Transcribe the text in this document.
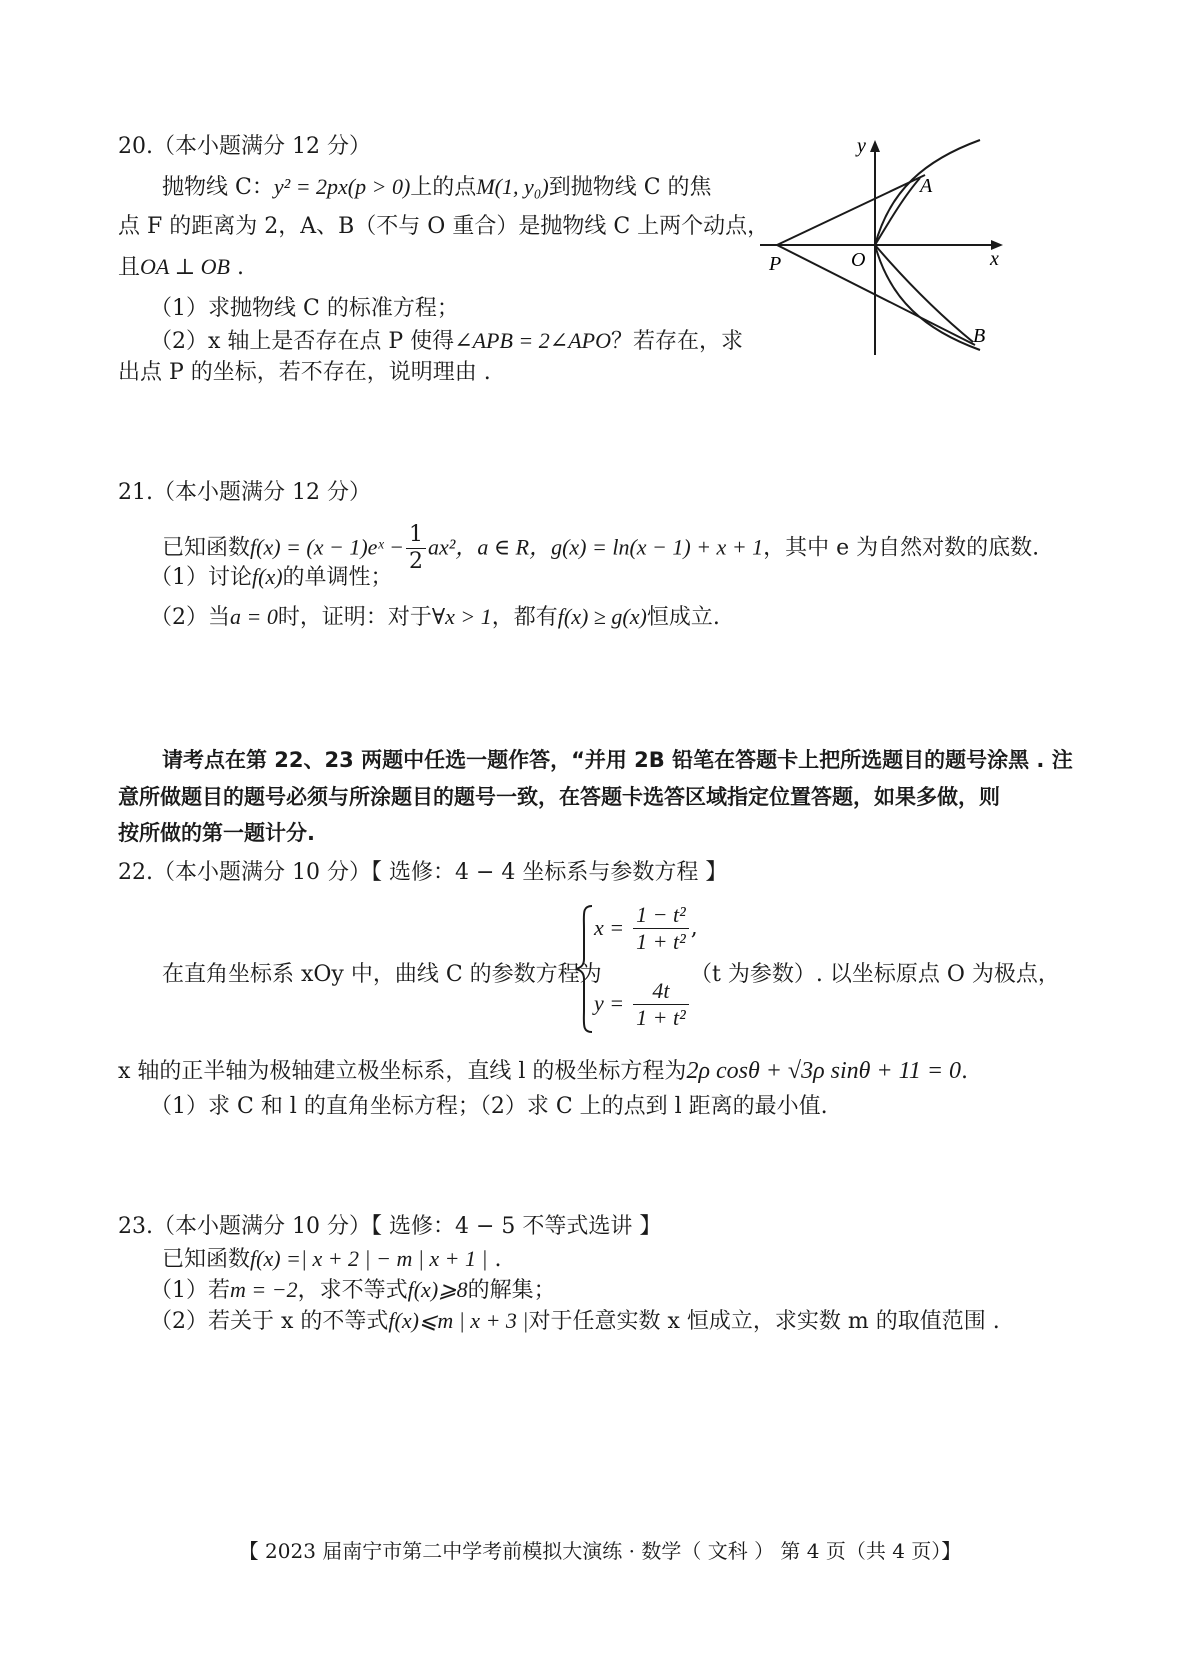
20.（本小题满分 12 分）
抛物线 C：y² = 2px(p > 0)上的点M(1, y₀)到抛物线 C 的焦
点 F 的距离为 2，A、B（不与 O 重合）是抛物线 C 上两个动点，
且OA ⊥ OB .
（1）求抛物线 C 的标准方程；
（2）x 轴上是否存在点 P 使得∠APB = 2∠APO？若存在，求
出点 P 的坐标，若不存在，说明理由 .
y
x
P	O
A
B
21.（本小题满分 12 分）
已知函数f(x) = (x − 1)eˣ − $\frac{1}{2} ax^2$，a ∈ R，g(x) = ln(x − 1) + x + 1，其中 e 为自然对数的底数.
（1）讨论f(x)的单调性；
（2）当a = 0时，证明：对于∀x > 1，都有f(x) ≥ g(x)恒成立.
请考点在第 22、23 两题中任选一题作答，“并用 2B 铅笔在答题卡上把所选题目的题号涂黑 . 注
意所做题目的题号必须与所涂题目的题号一致，在答题卡选答区域指定位置答题，如果多做，则
按所做的第一题计分.
22.（本小题满分 10 分）【 选修：4 − 4 坐标系与参数方程 】
在直角坐标系 xOy 中，曲线 C 的参数方程为
$x = \frac{\text{1 − t²}}{\text{1 + t²}}$ ,
$y = \frac{4t}{\text{1 + t²}}$
（t 为参数）. 以坐标原点 O 为极点，
x 轴的正半轴为极轴建立极坐标系，直线 l 的极坐标方程为2ρ cosθ + √3ρ sinθ + 11 = 0.
（1）求 C 和 l 的直角坐标方程；（2）求 C 上的点到 l 距离的最小值.
23.（本小题满分 10 分）【 选修：4 − 5 不等式选讲 】
已知函数f(x) =| x + 2 | − m | x + 1 | .
（1）若m = −2，求不等式f(x)⩾8的解集；
（2）若关于 x 的不等式f(x)⩽m | x + 3 |对于任意实数 x 恒成立，求实数 m 的取值范围 .
【 2023 届南宁市第二中学考前模拟大演练 · 数学（ 文科 ） 第 4 页（共 4 页）】
